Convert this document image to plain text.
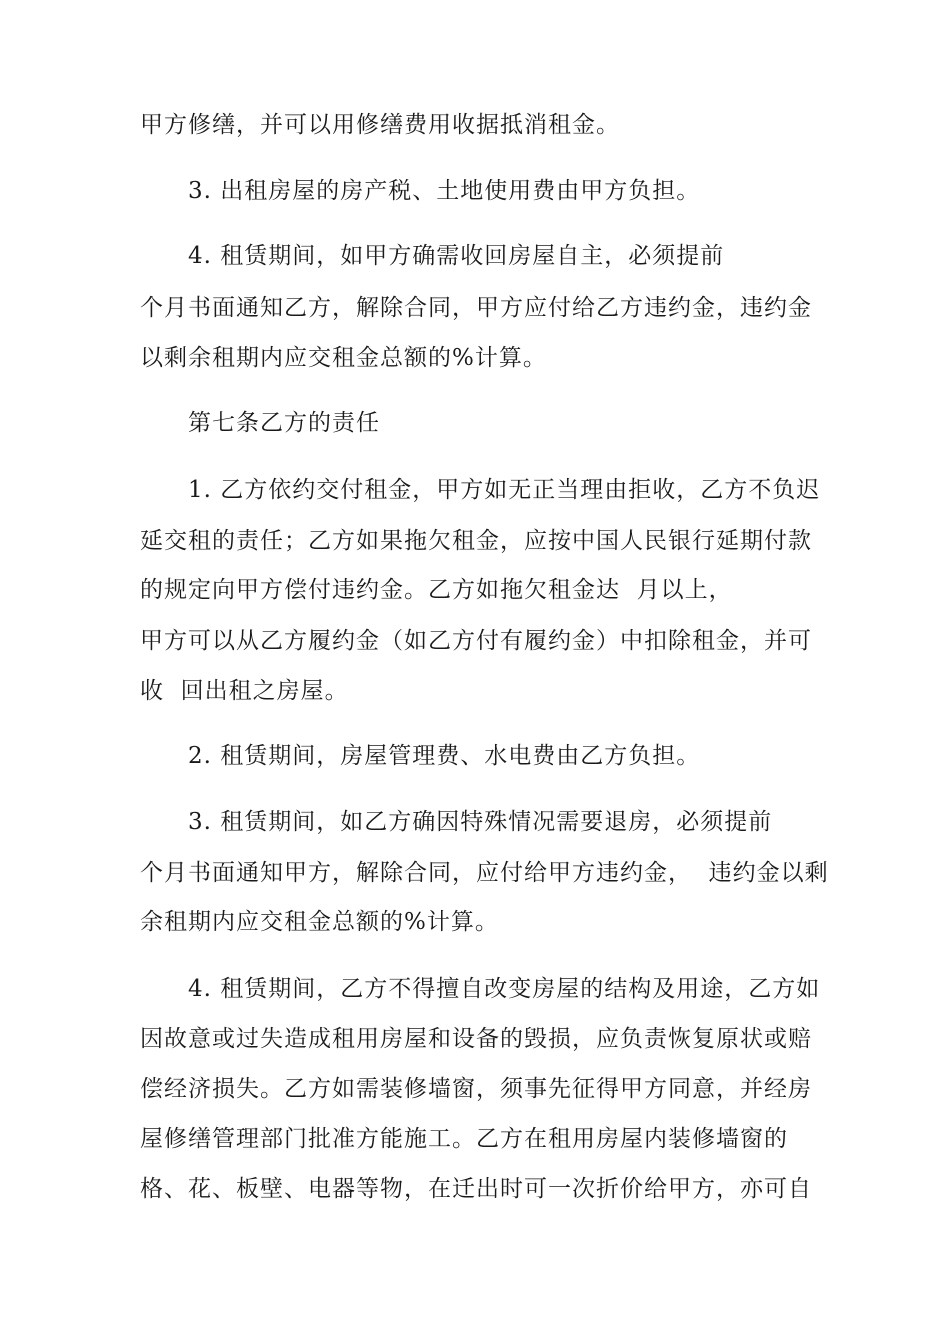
甲方修缮，并可以用修缮费用收据抵消租金。
3. 出租房屋的房产税、土地使用费由甲方负担。
4. 租赁期间，如甲方确需收回房屋自主，必须提前
个月书面通知乙方，解除合同，甲方应付给乙方违约金，违约金
以剩余租期内应交租金总额的%计算。
第七条乙方的责任
1. 乙方依约交付租金，甲方如无正当理由拒收，乙方不负迟
延交租的责任；乙方如果拖欠租金，应按中国人民银行延期付款
的规定向甲方偿付违约金。乙方如拖欠租金达  月以上，
甲方可以从乙方履约金（如乙方付有履约金）中扣除租金，并可
收  回出租之房屋。
2. 租赁期间，房屋管理费、水电费由乙方负担。
3. 租赁期间，如乙方确因特殊情况需要退房，必须提前
个月书面通知甲方，解除合同，应付给甲方违约金，  违约金以剩
余租期内应交租金总额的%计算。
4. 租赁期间，乙方不得擅自改变房屋的结构及用途，乙方如
因故意或过失造成租用房屋和设备的毁损，应负责恢复原状或赔
偿经济损失。乙方如需装修墙窗，须事先征得甲方同意，并经房
屋修缮管理部门批准方能施工。乙方在租用房屋内装修墙窗的
格、花、板壁、电器等物，在迁出时可一次折价给甲方，亦可自
